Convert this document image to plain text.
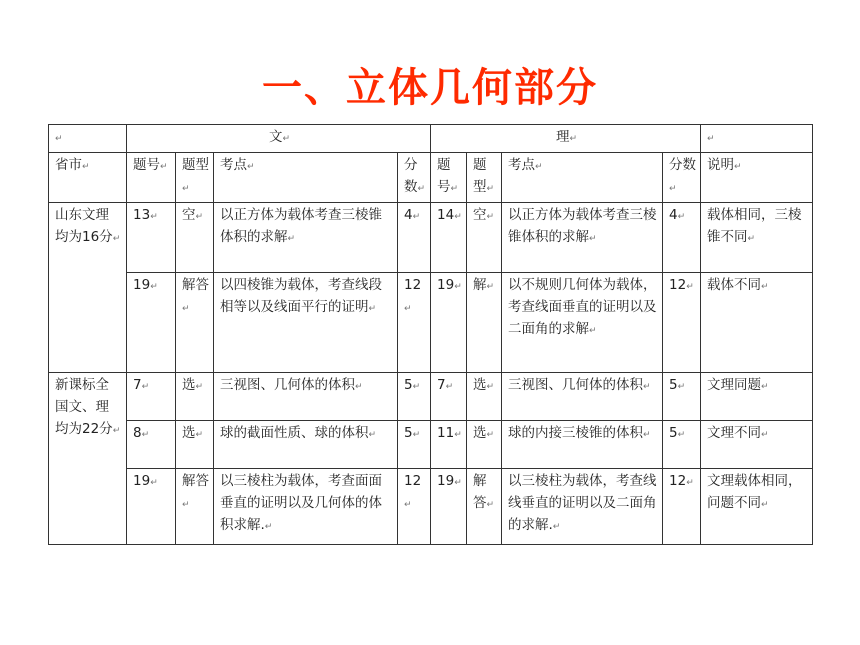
一、立体几何部分
↵	文 ↵				理 ↵	↵
省市 ↵	题号 ↵	题型 ↵	考点 ↵	分数 ↵	题号 ↵	题型 ↵	考点 ↵	分数 ↵	说明 ↵
山东文理均为16分 ↵	13 ↵	空 ↵	以正方体为载体考查三棱锥体积的求解 ↵	4 ↵	14 ↵	空 ↵	以正方体为载体考查三棱锥体积的求解 ↵	4 ↵	载体相同，三棱锥不同 ↵
	19 ↵	解答 ↵	以四棱锥为载体，考查线段相等以及线面平行的证明 ↵	12 ↵	19 ↵	解 ↵	以不规则几何体为载体，考查线面垂直的证明以及二面角的求解 ↵	12 ↵	载体不同 ↵
新课标全国文、理均为22分 ↵	7 ↵	选 ↵	三视图、几何体的体积 ↵	5 ↵	7 ↵	选 ↵	三视图、几何体的体积 ↵	5 ↵	文理同题 ↵
	8 ↵	选 ↵	球的截面性质、球的体积 ↵	5 ↵	11 ↵	选 ↵	球的内接三棱锥的体积 ↵	5 ↵	文理不同 ↵
	19 ↵	解答 ↵	以三棱柱为载体，考查面面垂直的证明以及几何体的体积求解. ↵	12 ↵	19 ↵	解答 ↵	以三棱柱为载体，考查线线垂直的证明以及二面角的求解. ↵	12 ↵	文理载体相同，问题不同 ↵
